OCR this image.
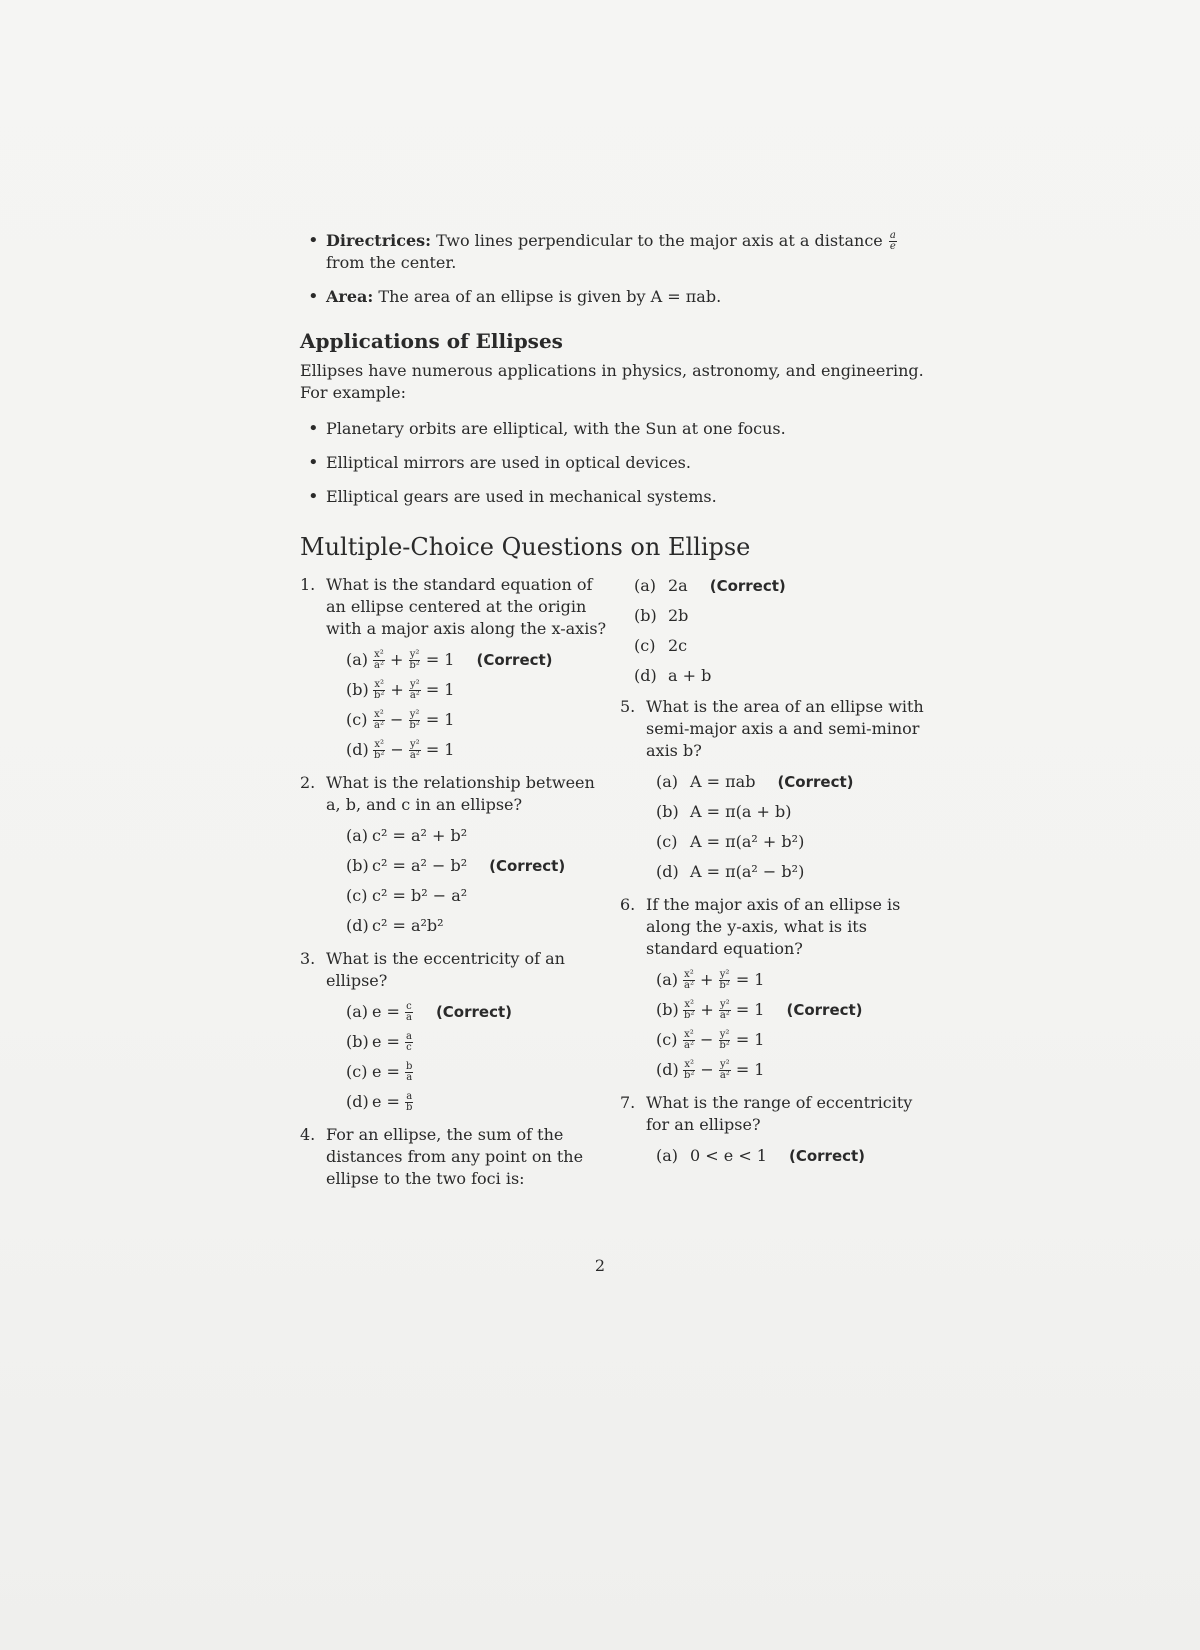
• Directrices: Two lines perpendicular to the major axis at a distance $\frac{a}{e}$
from the center.
• Area: The area of an ellipse is given by A = πab.
Applications of Ellipses
Ellipses have numerous applications in physics, astronomy, and engineering. For example:
• Planetary orbits are elliptical, with the Sun at one focus.
• Elliptical mirrors are used in optical devices.
• Elliptical gears are used in mechanical systems.
Multiple-Choice Questions on Ellipse
1. What is the standard equation of an ellipse centered at the origin with a major axis along the x-axis?
$(a) \frac{\text{x²}}{\text{a²}} + \frac{\text{y²}}{\text{b²}} = 1$ (Correct)
$(b) \frac{\text{x²}}{\text{b²}} + \frac{\text{y²}}{\text{a²}} = 1$
$(c) \frac{\text{x²}}{\text{a²}} - \frac{\text{y²}}{\text{b²}} = 1$
$(d) \frac{\text{x²}}{\text{b²}} - \frac{\text{y²}}{\text{a²}} = 1$
2. What is the relationship between a, b, and c in an ellipse?
(a) c² = a² + b²
(b) c² = a² − b² (Correct)
(c) c² = b² − a²
(d) c² = a²b²
3. What is the eccentricity of an ellipse?
(a) $e = \frac{c}{a}$ (Correct)
(b) $e = \frac{a}{c}$
(c) $e = \frac{b}{a}$
(d) $e = \frac{a}{b}$
4. For an ellipse, the sum of the distances from any point on the ellipse to the two foci is:
(a) 2a (Correct)
(b) 2b
(c) 2c
(d) a + b
5. What is the area of an ellipse with semi-major axis a and semi-minor axis b?
(a) A = πab (Correct)
(b) A = π(a + b)
(c) A = π(a² + b²)
(d) A = π(a² − b²)
6. If the major axis of an ellipse is along the y-axis, what is its standard equation?
$(a) \frac{\text{x²}}{\text{a²}} + \frac{\text{y²}}{\text{b²}} = 1$
$(b) \frac{\text{x²}}{\text{b²}} + \frac{\text{y²}}{\text{a²}} = 1$ (Correct)
$(c) \frac{\text{x²}}{\text{a²}} - \frac{\text{y²}}{\text{b²}} = 1$
$(d) \frac{\text{x²}}{\text{b²}} - \frac{\text{y²}}{\text{a²}} = 1$
7. What is the range of eccentricity for an ellipse?
(a) 0 < e < 1 (Correct)
2
